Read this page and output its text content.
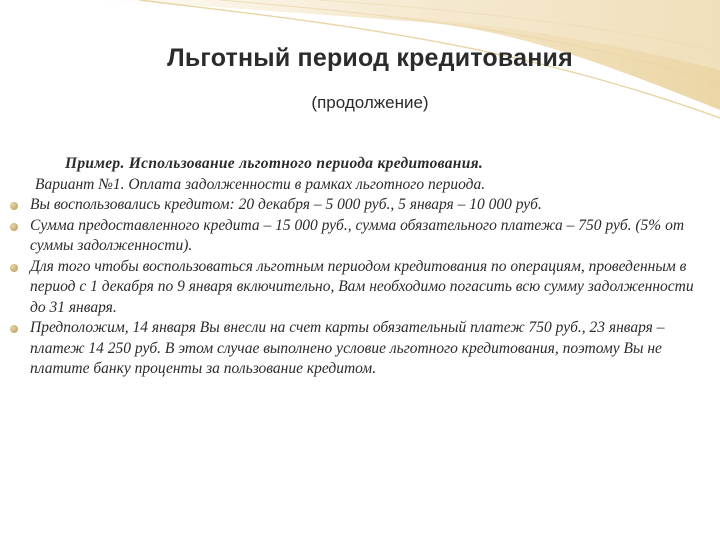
Льготный период кредитования
(продолжение)
Пример. Использование льготного периода кредитования.
Вариант №1. Оплата задолженности в рамках льготного периода.
Вы воспользовались кредитом: 20 декабря – 5 000 руб., 5 января – 10 000 руб.
Сумма предоставленного кредита – 15 000 руб., сумма обязательного платежа – 750 руб. (5% от суммы задолженности).
Для того чтобы воспользоваться льготным периодом кредитования по операциям, проведенным в период с 1 декабря по 9 января включительно, Вам необходимо погасить всю сумму задолженности до 31 января.
Предположим, 14 января Вы внесли на счет карты обязательный платеж 750 руб., 23 января – платеж 14 250 руб. В этом случае выполнено условие льготного кредитования, поэтому Вы не платите банку проценты за пользование кредитом.
